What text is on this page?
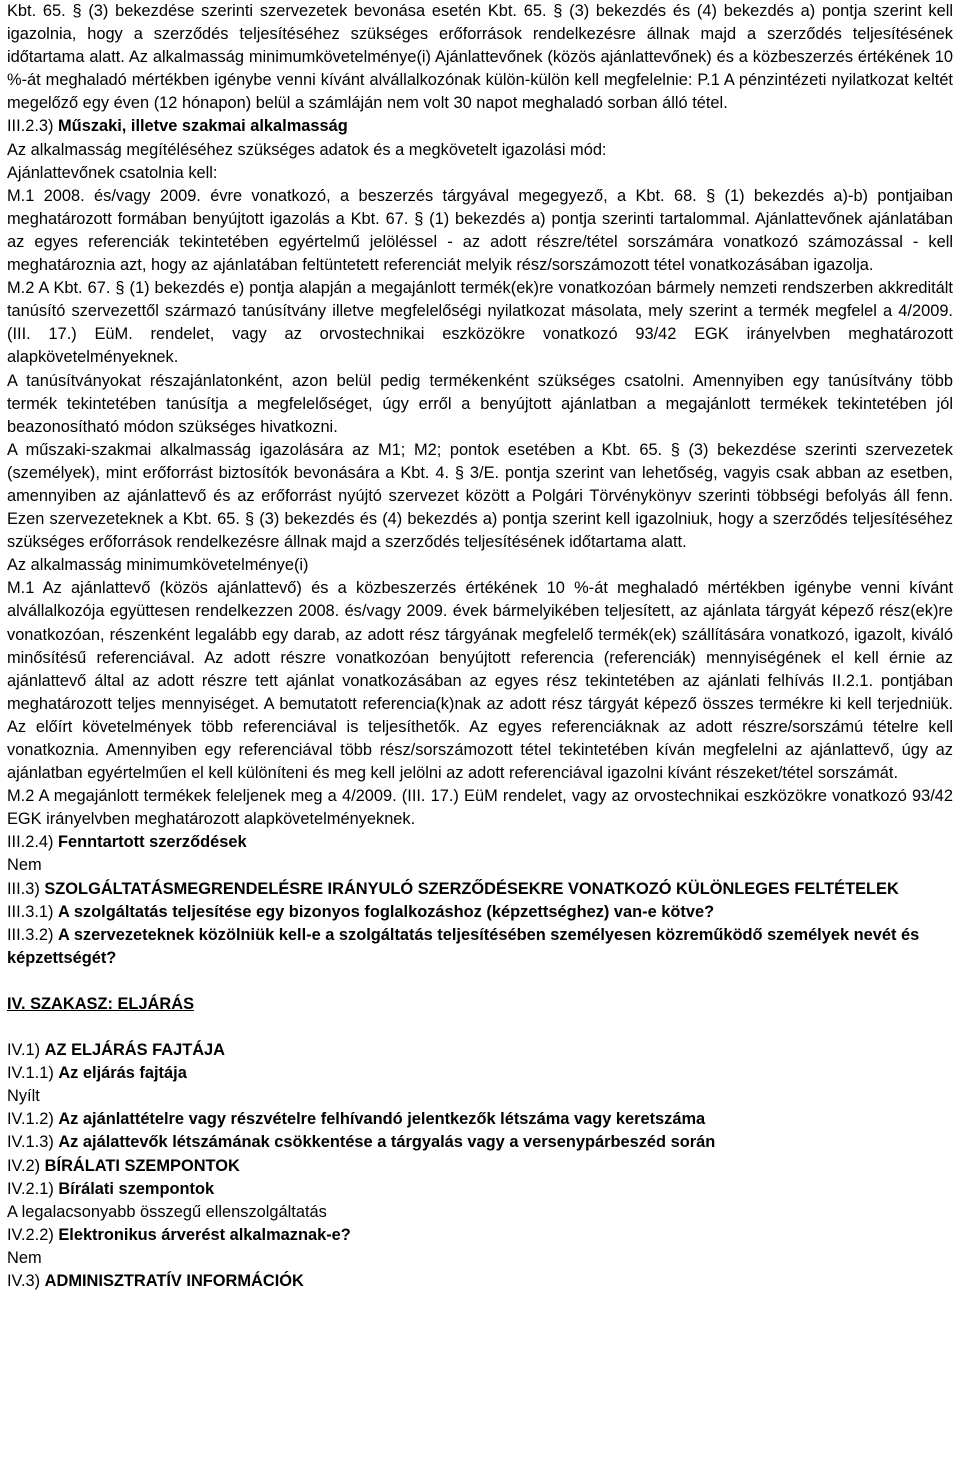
Kbt. 65. § (3) bekezdése szerinti szervezetek bevonása esetén Kbt. 65. § (3) bekezdés és (4) bekezdés a) pontja szerint kell igazolnia, hogy a szerződés teljesítéséhez szükséges erőforrások rendelkezésre állnak majd a szerződés teljesítésének időtartama alatt. Az alkalmasság minimumkövetelménye(i) Ajánlattevőnek (közös ajánlattevőnek) és a közbeszerzés értékének 10 %-át meghaladó mértékben igénybe venni kívánt alvállalkozónak külön-külön kell megfelelnie: P.1 A pénzintézeti nyilatkozat keltét megelőző egy éven (12 hónapon) belül a számláján nem volt 30 napot meghaladó sorban álló tétel.

III.2.3) Műszaki, illetve szakmai alkalmasság

Az alkalmasság megítéléséhez szükséges adatok és a megkövetelt igazolási mód:

Ajánlattevőnek csatolnia kell:

M.1 2008. és/vagy 2009. évre vonatkozó, a beszerzés tárgyával megegyező, a Kbt. 68. § (1) bekezdés a)-b) pontjaiban meghatározott formában benyújtott igazolás a Kbt. 67. § (1) bekezdés a) pontja szerinti tartalommal. Ajánlattevőnek ajánlatában az egyes referenciák tekintetében egyértelmű jelöléssel - az adott részre/tétel sorszámára vonatkozó számozással - kell meghatároznia azt, hogy az ajánlatában feltüntetett referenciát melyik rész/sorszámozott tétel vonatkozásában igazolja.

M.2 A Kbt. 67. § (1) bekezdés e) pontja alapján a megajánlott termék(ek)re vonatkozóan bármely nemzeti rendszerben akkreditált tanúsító szervezettől származó tanúsítvány illetve megfelelőségi nyilatkozat másolata, mely szerint a termék megfelel a 4/2009. (III. 17.) EüM. rendelet, vagy az orvostechnikai eszközökre vonatkozó 93/42 EGK irányelvben meghatározott alapkövetelményeknek.

A tanúsítványokat részajánlatonként, azon belül pedig termékenként szükséges csatolni. Amennyiben egy tanúsítvány több termék tekintetében tanúsítja a megfelelőséget, úgy erről a benyújtott ajánlatban a megajánlott termékek tekintetében jól beazonosítható módon szükséges hivatkozni.

A műszaki-szakmai alkalmasság igazolására az M1; M2; pontok esetében a Kbt. 65. § (3) bekezdése szerinti szervezetek (személyek), mint erőforrást biztosítók bevonására a Kbt. 4. § 3/E. pontja szerint van lehetőség, vagyis csak abban az esetben, amennyiben az ajánlattevő és az erőforrást nyújtó szervezet között a Polgári Törvénykönyv szerinti többségi befolyás áll fenn. Ezen szervezeteknek a Kbt. 65. § (3) bekezdés és (4) bekezdés a) pontja szerint kell igazolniuk, hogy a szerződés teljesítéséhez szükséges erőforrások rendelkezésre állnak majd a szerződés teljesítésének időtartama alatt.

Az alkalmasság minimumkövetelménye(i)

M.1 Az ajánlattevő (közös ajánlattevő) és a közbeszerzés értékének 10 %-át meghaladó mértékben igénybe venni kívánt alvállalkozója együttesen rendelkezzen 2008. és/vagy 2009. évek bármelyikében teljesített, az ajánlata tárgyát képező rész(ek)re vonatkozóan, részenként legalább egy darab, az adott rész tárgyának megfelelő termék(ek) szállítására vonatkozó, igazolt, kiváló minősítésű referenciával. Az adott részre vonatkozóan benyújtott referencia (referenciák) mennyiségének el kell érnie az ajánlattevő által az adott részre tett ajánlat vonatkozásában az egyes rész tekintetében az ajánlati felhívás II.2.1. pontjában meghatározott teljes mennyiséget. A bemutatott referencia(k)nak az adott rész tárgyát képező összes termékre ki kell terjedniük. Az előírt követelmények több referenciával is teljesíthetők. Az egyes referenciáknak az adott részre/sorszámú tételre kell vonatkoznia. Amennyiben egy referenciával több rész/sorszámozott tétel tekintetében kíván megfelelni az ajánlattevő, úgy az ajánlatban egyértelműen el kell különíteni és meg kell jelölni az adott referenciával igazolni kívánt részeket/tétel sorszámát.

M.2 A megajánlott termékek feleljenek meg a 4/2009. (III. 17.) EüM rendelet, vagy az orvostechnikai eszközökre vonatkozó 93/42 EGK irányelvben meghatározott alapkövetelményeknek.

III.2.4) Fenntartott szerződések

Nem

III.3) SZOLGÁLTATÁSMEGRENDELÉSRE IRÁNYULÓ SZERZŐDÉSEKRE VONATKOZÓ KÜLÖNLEGES FELTÉTELEK

III.3.1) A szolgáltatás teljesítése egy bizonyos foglalkozáshoz (képzettséghez) van-e kötve?

III.3.2) A szervezeteknek közölniük kell-e a szolgáltatás teljesítésében személyesen közreműködő személyek nevét és képzettségét?

IV. SZAKASZ: ELJÁRÁS

IV.1) AZ ELJÁRÁS FAJTÁJA

IV.1.1) Az eljárás fajtája

Nyílt

IV.1.2) Az ajánlattételre vagy részvételre felhívandó jelentkezők létszáma vagy keretszáma

IV.1.3) Az ajálattevők létszámának csökkentése a tárgyalás vagy a versenypárbeszéd során

IV.2) BÍRÁLATI SZEMPONTOK

IV.2.1) Bírálati szempontok

A legalacsonyabb összegű ellenszolgáltatás

IV.2.2) Elektronikus árverést alkalmaznak-e?

Nem

IV.3) ADMINISZTRATÍV INFORMÁCIÓK
